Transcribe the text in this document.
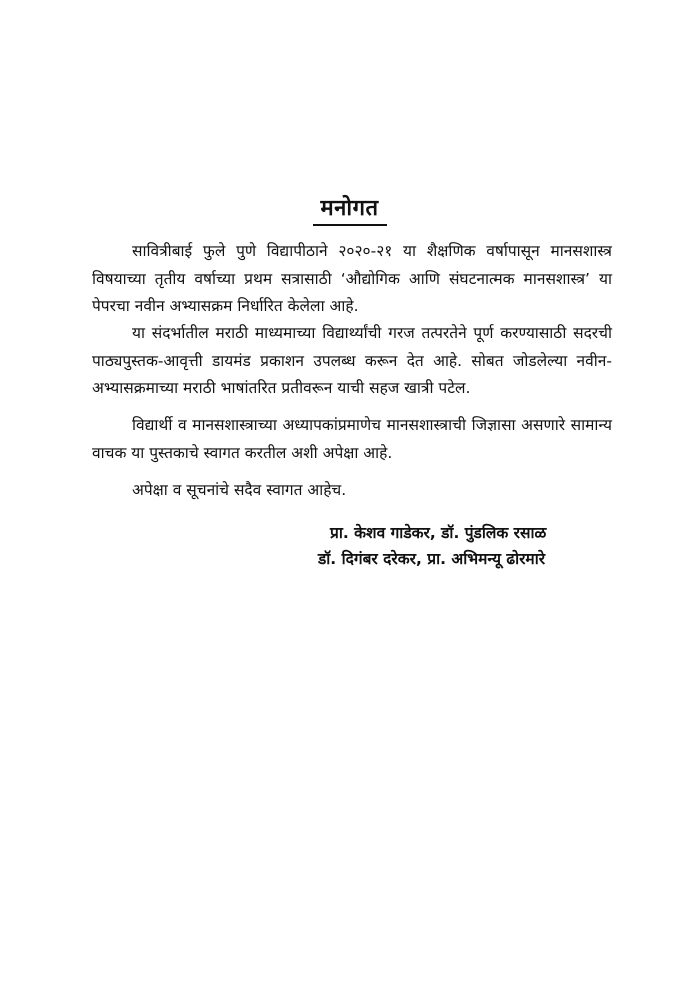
मनोगत

सावित्रीबाई फुले पुणे विद्यापीठाने २०२०-२१ या शैक्षणिक वर्षापासून मानसशास्त्र विषयाच्या तृतीय वर्षाच्या प्रथम सत्रासाठी ‘औद्योगिक आणि संघटनात्मक मानसशास्त्र’ या पेपरचा नवीन अभ्यासक्रम निर्धारित केलेला आहे.

या संदर्भातील मराठी माध्यमाच्या विद्यार्थ्यांची गरज तत्परतेने पूर्ण करण्यासाठी सदरची पाठ्यपुस्तक-आवृत्ती डायमंड प्रकाशन उपलब्ध करून देत आहे. सोबत जोडलेल्या नवीन-अभ्यासक्रमाच्या मराठी भाषांतरित प्रतीवरून याची सहज खात्री पटेल.

विद्यार्थी व मानसशास्त्राच्या अध्यापकांप्रमाणेच मानसशास्त्राची जिज्ञासा असणारे सामान्य वाचक या पुस्तकाचे स्वागत करतील अशी अपेक्षा आहे.

अपेक्षा व सूचनांचे सदैव स्वागत आहेच.

प्रा. केशव गाडेकर, डॉ. पुंडलिक रसाळ
डॉ. दिगंबर दरेकर, प्रा. अभिमन्यू ढोरमारे
